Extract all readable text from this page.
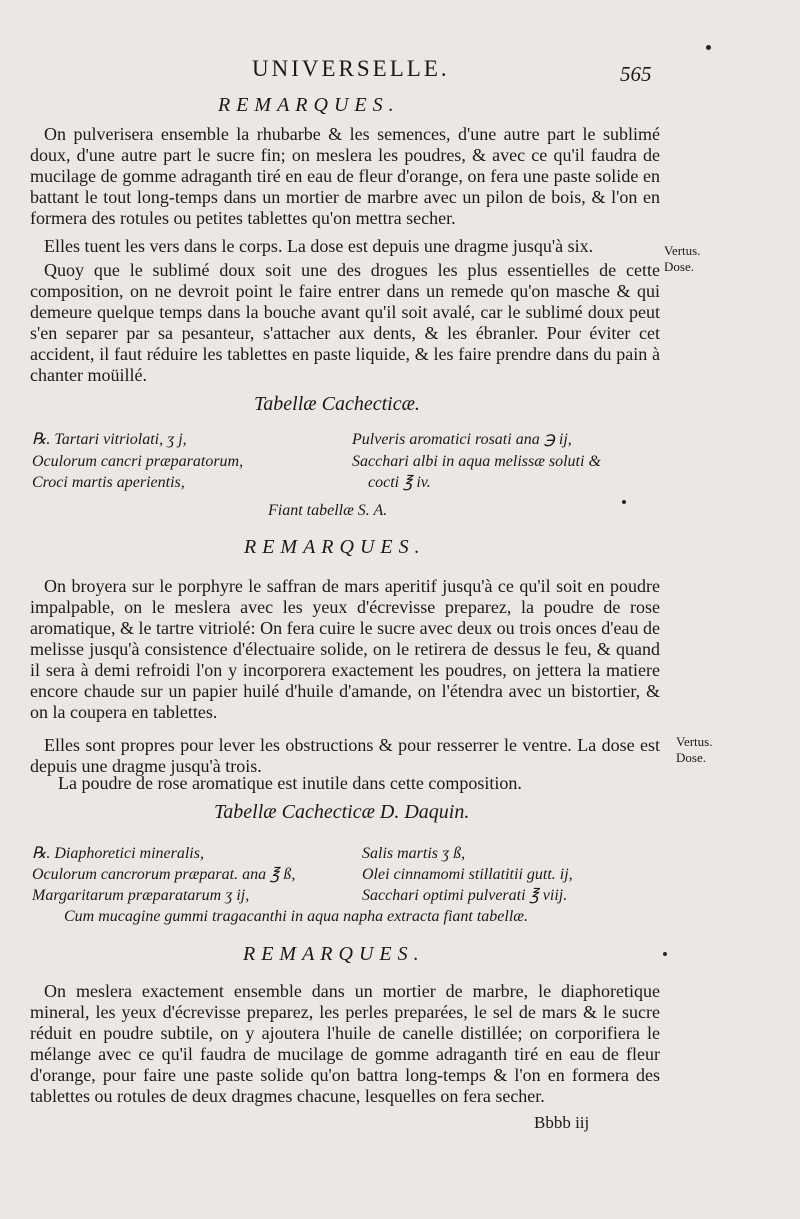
UNIVERSELLE.	565
REMARQUES.
On pulverisera ensemble la rhubarbe & les semences, d'une autre part le sublimé doux, d'une autre part le sucre fin; on meslera les poudres, & avec ce qu'il faudra de mucilage de gomme adraganth tiré en eau de fleur d'orange, on fera une paste solide en battant le tout long-temps dans un mortier de marbre avec un pilon de bois, & l'on en formera des rotules ou petites tablettes qu'on mettra secher.
Elles tuent les vers dans le corps. La dose est depuis une dragme jusqu'à six.
Quoy que le sublimé doux soit une des drogues les plus essentielles de cette composition, on ne devroit point le faire entrer dans un remede qu'on masche & qui demeure quelque temps dans la bouche avant qu'il soit avalé, car le sublimé doux peut s'en separer par sa pesanteur, s'attacher aux dents, & les ébranler. Pour éviter cet accident, il faut réduire les tablettes en paste liquide, & les faire prendre dans du pain à chanter moüillé.
Vertus.
Dose.
Tabellæ Cachecticæ.
℞. Tartari vitriolati, ʒ j,
Oculorum cancri præparatorum,
Croci martis aperientis,
Pulveris aromatici rosati ana ℈ ij,
Sacchari albi in aqua melissæ soluti &
cocti ℥ iv.
Fiant tabellæ S. A.
REMARQUES.
On broyera sur le porphyre le saffran de mars aperitif jusqu'à ce qu'il soit en poudre impalpable, on le meslera avec les yeux d'écrevisse preparez, la poudre de rose aromatique, & le tartre vitriolé: On fera cuire le sucre avec deux ou trois onces d'eau de melisse jusqu'à consistence d'électuaire solide, on le retirera de dessus le feu, & quand il sera à demi refroidi l'on y incorporera exactement les poudres, on jettera la matiere encore chaude sur un papier huilé d'huile d'amande, on l'étendra avec un bistortier, & on la coupera en tablettes.
Elles sont propres pour lever les obstructions & pour resserrer le ventre. La dose est depuis une dragme jusqu'à trois.
La poudre de rose aromatique est inutile dans cette composition.
Vertus.
Dose.
Tabellæ Cachecticæ D. Daquin.
℞. Diaphoretici mineralis,
Oculorum cancrorum præparat. ana ℥ ß,
Margaritarum præparatarum ʒ ij,
Salis martis ʒ ß,
Olei cinnamomi stillatitii gutt. ij,
Sacchari optimi pulverati ℥ viij.
Cum mucagine gummi tragacanthi in aqua napha extracta fiant tabellæ.
REMARQUES.
On meslera exactement ensemble dans un mortier de marbre, le diaphoretique mineral, les yeux d'écrevisse preparez, les perles preparées, le sel de mars & le sucre réduit en poudre subtile, on y ajoutera l'huile de canelle distillée; on corporifiera le mélange avec ce qu'il faudra de mucilage de gomme adraganth tiré en eau de fleur d'orange, pour faire une paste solide qu'on battra long-temps & l'on en formera des tablettes ou rotules de deux dragmes chacune, lesquelles on fera secher.
Bbbb iij
